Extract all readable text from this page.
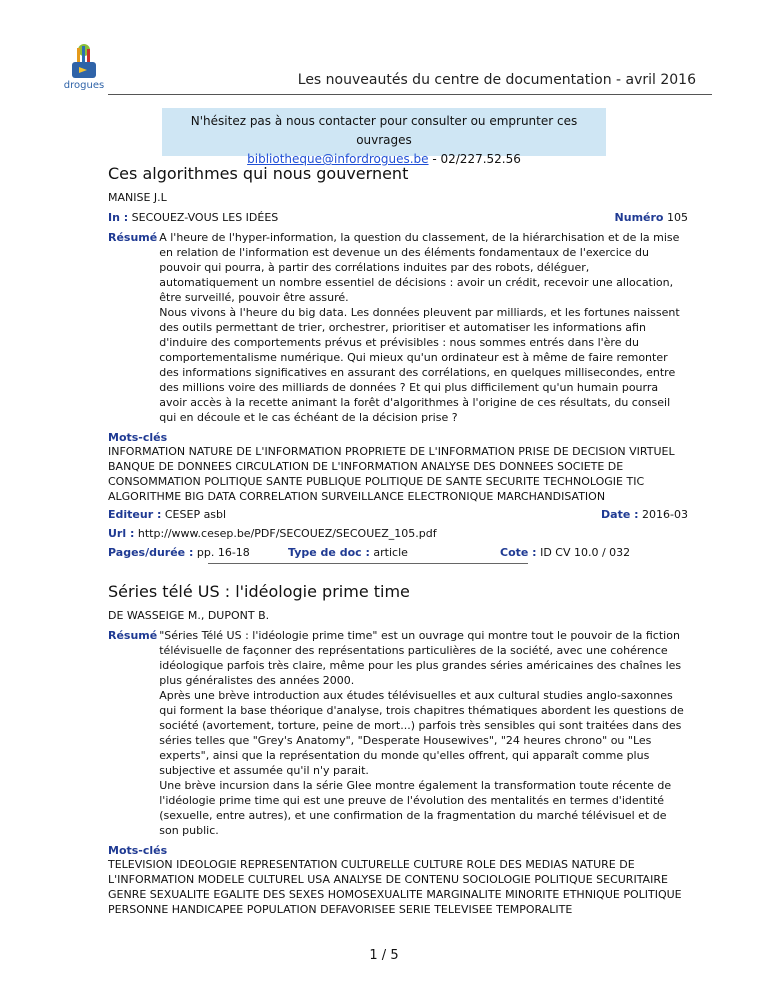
drogues	Les nouveautés du centre de documentation - avril 2016
N'hésitez pas à nous contacter pour consulter ou emprunter ces ouvrages
bibliotheque@infordrogues.be - 02/227.52.56
Ces algorithmes qui nous gouvernent
MANISE J.L
In : SECOUEZ-VOUS LES IDÉES	Numéro 105
Résumé A l'heure de l'hyper-information, la question du classement, de la hiérarchisation et de la mise en relation de l'information est devenue un des éléments fondamentaux de l'exercice du pouvoir qui pourra, à partir des corrélations induites par des robots, déléguer, automatiquement un nombre essentiel de décisions : avoir un crédit, recevoir une allocation, être surveillé, pouvoir être assuré.

Nous vivons à l'heure du big data. Les données pleuvent par milliards, et les fortunes naissent des outils permettant de trier, orchestrer, prioritiser et automatiser les informations afin d'induire des comportements prévus et prévisibles : nous sommes entrés dans l'ère du comportementalisme numérique. Qui mieux qu'un ordinateur est à même de faire remonter des informations significatives en assurant des corrélations, en quelques millisecondes, entre des millions voire des milliards de données ? Et qui plus difficilement qu'un humain pourra avoir accès à la recette animant la forêt d'algorithmes à l'origine de ces résultats, du conseil qui en découle et le cas échéant de la décision prise ?

Mots-clés
INFORMATION NATURE DE L'INFORMATION PROPRIETE DE L'INFORMATION PRISE DE DECISION VIRTUEL BANQUE DE DONNEES CIRCULATION DE L'INFORMATION ANALYSE DES DONNEES SOCIETE DE CONSOMMATION POLITIQUE SANTE PUBLIQUE POLITIQUE DE SANTE SECURITE TECHNOLOGIE TIC ALGORITHME BIG DATA CORRELATION SURVEILLANCE ELECTRONIQUE MARCHANDISATION
Editeur : CESEP asbl	Date : 2016-03
Url : http://www.cesep.be/PDF/SECOUEZ/SECOUEZ_105.pdf
Pages/durée : pp. 16-18	Type de doc : article	Cote : ID CV 10.0 / 032
Séries télé US : l'idéologie prime time
DE WASSEIGE M., DUPONT B.
Résumé "Séries Télé US : l'idéologie prime time" est un ouvrage qui montre tout le pouvoir de la fiction télévisuelle de façonner des représentations particulières de la société, avec une cohérence idéologique parfois très claire, même pour les plus grandes séries américaines des chaînes les plus généralistes des années 2000.

Après une brève introduction aux études télévisuelles et aux cultural studies anglo-saxonnes qui forment la base théorique d'analyse, trois chapitres thématiques abordent les questions de société (avortement, torture, peine de mort...) parfois très sensibles qui sont traitées dans des séries telles que "Grey's Anatomy", "Desperate Housewives", "24 heures chrono" ou "Les experts", ainsi que la représentation du monde qu'elles offrent, qui apparaît comme plus subjective et assumée qu'il n'y parait.

Une brève incursion dans la série Glee montre également la transformation toute récente de l'idéologie prime time qui est une preuve de l'évolution des mentalités en termes d'identité (sexuelle, entre autres), et une confirmation de la fragmentation du marché télévisuel et de son public.

Mots-clés
TELEVISION IDEOLOGIE REPRESENTATION CULTURELLE CULTURE ROLE DES MEDIAS NATURE DE L'INFORMATION MODELE CULTUREL USA ANALYSE DE CONTENU SOCIOLOGIE POLITIQUE SECURITAIRE GENRE SEXUALITE EGALITE DES SEXES HOMOSEXUALITE MARGINALITE MINORITE ETHNIQUE POLITIQUE PERSONNE HANDICAPEE POPULATION DEFAVORISEE SERIE TELEVISEE TEMPORALITE
1 / 5
